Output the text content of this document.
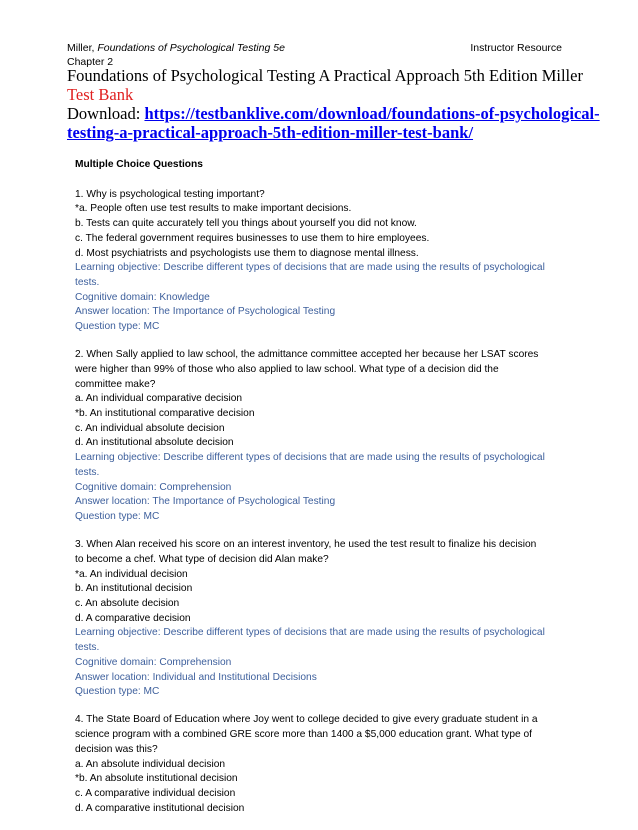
Miller, Foundations of Psychological Testing 5e	Instructor Resource
Chapter 2
Foundations of Psychological Testing A Practical Approach 5th Edition Miller
Test Bank
Download: https://testbanklive.com/download/foundations-of-psychological-
testing-a-practical-approach-5th-edition-miller-test-bank/
Multiple Choice Questions
1. Why is psychological testing important?
*a. People often use test results to make important decisions.
b. Tests can quite accurately tell you things about yourself you did not know.
c. The federal government requires businesses to use them to hire employees.
d. Most psychiatrists and psychologists use them to diagnose mental illness.
Learning objective: Describe different types of decisions that are made using the results of psychological
tests.
Cognitive domain: Knowledge
Answer location: The Importance of Psychological Testing
Question type: MC
2. When Sally applied to law school, the admittance committee accepted her because her LSAT scores
were higher than 99% of those who also applied to law school. What type of a decision did the
committee make?
a. An individual comparative decision
*b. An institutional comparative decision
c. An individual absolute decision
d. An institutional absolute decision
Learning objective: Describe different types of decisions that are made using the results of psychological
tests.
Cognitive domain: Comprehension
Answer location: The Importance of Psychological Testing
Question type: MC
3. When Alan received his score on an interest inventory, he used the test result to finalize his decision
to become a chef. What type of decision did Alan make?
*a. An individual decision
b. An institutional decision
c. An absolute decision
d. A comparative decision
Learning objective: Describe different types of decisions that are made using the results of psychological
tests.
Cognitive domain: Comprehension
Answer location: Individual and Institutional Decisions
Question type: MC
4. The State Board of Education where Joy went to college decided to give every graduate student in a
science program with a combined GRE score more than 1400 a $5,000 education grant. What type of
decision was this?
a. An absolute individual decision
*b. An absolute institutional decision
c. A comparative individual decision
d. A comparative institutional decision
